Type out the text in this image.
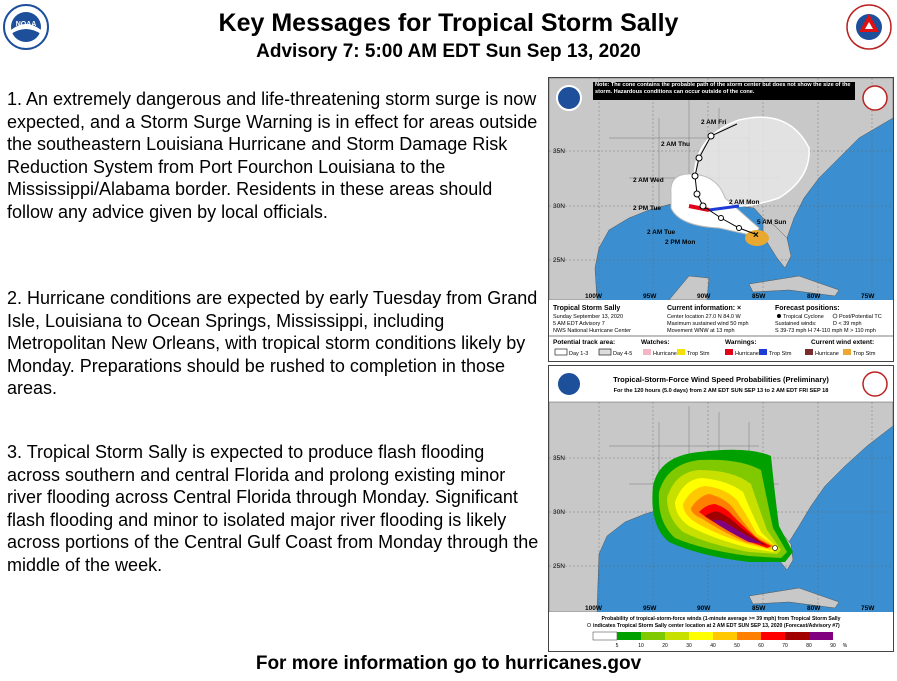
NOAA	Key Messages for Tropical Storm Sally
Advisory 7: 5:00 AM EDT Sun Sep 13, 2020
1. An extremely dangerous and life-threatening storm surge is now expected, and a Storm Surge Warning is in effect for areas outside the southeastern Louisiana Hurricane and Storm Damage Risk Reduction System from Port Fourchon Louisiana to the Mississippi/Alabama border. Residents in these areas should follow any advice given by local officials.
2. Hurricane conditions are expected by early Tuesday from Grand Isle, Louisiana to Ocean Springs, Mississippi, including Metropolitan New Orleans, with tropical storm conditions likely by Monday. Preparations should be rushed to completion in those areas.
3. Tropical Storm Sally is expected to produce flash flooding across southern and central Florida and prolong existing minor river flooding across Central Florida through Monday. Significant flash flooding and minor to isolated major river flooding is likely across portions of the Central Gulf Coast from Monday through the middle of the week.
×
2 AM Fri
2 AM Thu
2 AM Wed
2 PM Tue
2 AM Tue
2 PM Mon
2 AM Mon
5 AM Sun
35N
30N
25N
100W	95W	90W	85W	80W	75W
Note: The cone contains the probable path of the storm center but does not show the size of the storm. Hazardous conditions can occur outside of the cone.
Tropical Storm Sally
Sunday September 13, 2020
5 AM EDT Advisory 7
NWS National Hurricane Center
Current information: ×
Center location 27.0 N 84.0 W
Maximum sustained wind 50 mph
Movement WNW at 13 mph
Forecast positions:
Tropical Cyclone	Post/Potential TC
Sustained winds:	D < 39 mph
S 39-73 mph H 74-110 mph M > 110 mph
Potential track area:
Day 1-3	Day 4-5
Watches:
Hurricane Trop Stm
Warnings:
Hurricane Trop Stm
Current wind extent:
Hurricane	Trop Stm
35N
30N
25N
100W	95W	90W	85W	80W	75W
Tropical-Storm-Force Wind Speed Probabilities (Preliminary)
For the 120 hours (5.0 days) from 2 AM EDT SUN SEP 13 to 2 AM EDT FRI SEP 18
Probability of tropical-storm-force winds (1-minute average >= 39 mph) from Tropical Storm Sally
indicates Tropical Storm Sally center location at 2 AM EDT SUN SEP 13, 2020 (Forecast/Advisory #7)
5	10	20	30	40	50	60	70	80	90 %
For more information go to hurricanes.gov
